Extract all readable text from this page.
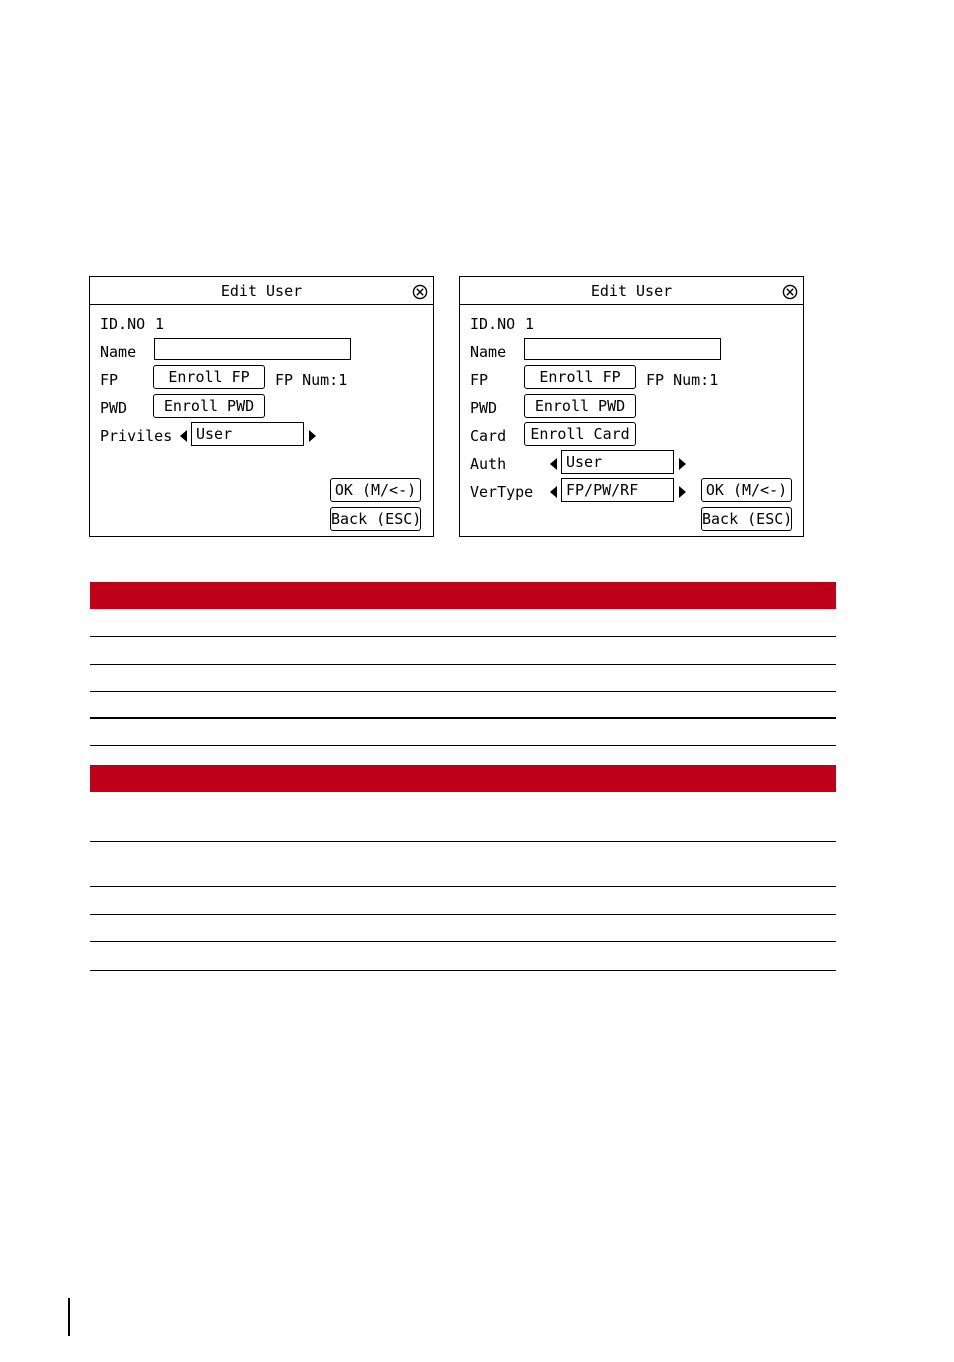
Edit User
ID.NO 1
Name
FP	Enroll FP	FP Num:1
PWD	Enroll PWD
Priviles	User
OK (M/<-)
Back (ESC)
Edit User
ID.NO 1
Name
FP	Enroll FP	FP Num:1
PWD	Enroll PWD
Card	Enroll Card
Auth	User
VerType	FP/PW/RF	OK (M/<-)
Back (ESC)
